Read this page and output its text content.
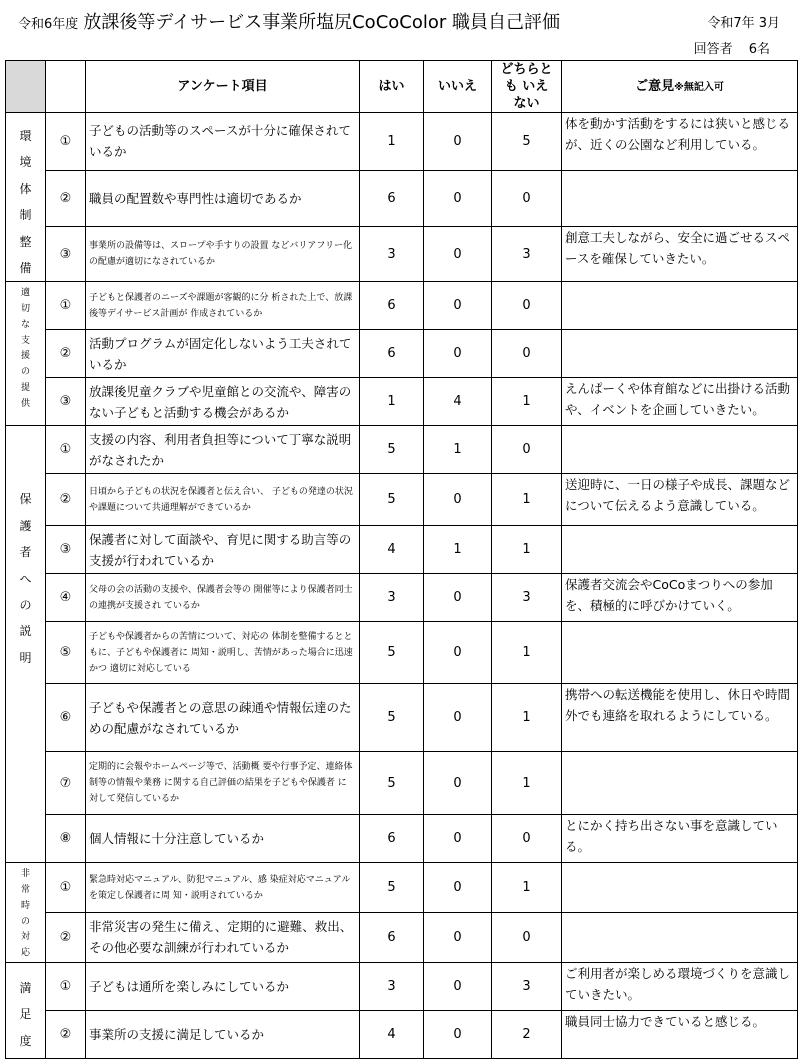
令和6年度 放課後等デイサービス事業所塩尻CoCoColor 職員自己評価	令和7年 3月
回答者 6名
		アンケート項目	はい	いいえ	どちらとも いえない	ご意見※無記入可
環境 体制 整備	①	子どもの活動等のスペースが十分に確保されているか	1	0	5	体を動かす活動をするには狭いと感じるが、近くの公園など利用している。

	②	職員の配置数や専門性は適切であるか	6	0	0	
	③	事業所の設備等は、スロープや手すりの設置 などバリアフリー化の配慮が適切になされているか	3	0	3	創意工夫しながら、安全に過ごせるスペースを確保していきたい。

適切な支援の提供	①	子どもと保護者のニーズや課題が客観的に分 析された上で、放課後等デイサービス計画が 作成されているか	6	0	0	
	②	活動プログラムが固定化しないよう工夫されているか	6	0	0	
	③	放課後児童クラブや児童館との交流や、障害のない子どもと活動する機会があるか	1	4	1	えんぱーくや体育館などに出掛ける活動や、イベントを企画していきたい。

保護者への説明	①	支援の内容、利用者負担等について丁寧な説明がなされたか	5	1	0	
	②	日頃から子どもの状況を保護者と伝え合い、 子どもの発達の状況や課題について共通理解ができているか	5	0	1	送迎時に、一日の様子や成長、課題などについて伝えるよう意識している。

	③	保護者に対して面談や、育児に関する助言等の支援が行われているか	4	1	1	
	④	父母の会の活動の支援や、保護者会等の 開催等により保護者同士の連携が支援され ているか	3	0	3	保護者交流会やCoCoまつりへの参加を、積極的に呼びかけていく。

	⑤	子どもや保護者からの苦情について、対応の 体制を整備するとともに、子どもや保護者に 周知・説明し、苦情があった場合に迅速かつ 適切に対応している	5	0	1	
	⑥	子どもや保護者との意思の疎通や情報伝達のための配慮がなされているか	5	0	1	携帯への転送機能を使用し、休日や時間外でも連絡を取れるようにしている。

	⑦	定期的に会報やホームページ等で、活動概 要や行事予定、連絡体制等の情報や業務 に関する自己評価の結果を子どもや保護者 に対して発信しているか	5	0	1	
	⑧	個人情報に十分注意しているか	6	0	0	とにかく持ち出さない事を意識している。

非常時の対応	①	緊急時対応マニュアル、防犯マニュアル、感 染症対応マニュアルを策定し保護者に周 知・説明されているか	5	0	1	
	②	非常災害の発生に備え、定期的に避難、救出、その他必要な訓練が行われているか	6	0	0	
満足度	①	子どもは通所を楽しみにしているか	3	0	3	ご利用者が楽しめる環境づくりを意識していきたい。

	②	事業所の支援に満足しているか	4	0	2	職員同士協力できていると感じる。
